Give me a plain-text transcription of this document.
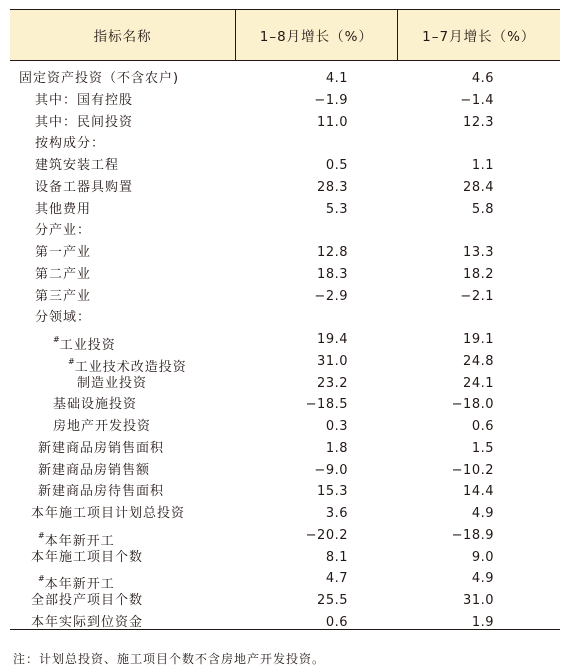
指标名称	1–8月增长（%）	1–7月增长（%）
固定资产投资（不含农户)	4.1	4.6
其中：国有控股	−1.9	−1.4
其中：民间投资	11.0	12.3
按构成分：
建筑安装工程	0.5	1.1
设备工器具购置	28.3	28.4
其他费用	5.3	5.8
分产业：
第一产业	12.8	13.3
第二产业	18.3	18.2
第三产业	−2.9	−2.1
分领域：
#工业投资	19.4	19.1
#工业技术改造投资	31.0	24.8
制造业投资	23.2	24.1
基础设施投资	−18.5	−18.0
房地产开发投资	0.3	0.6
新建商品房销售面积	1.8	1.5
新建商品房销售额	−9.0	−10.2
新建商品房待售面积	15.3	14.4
本年施工项目计划总投资	3.6	4.9
#本年新开工	−20.2	−18.9
本年施工项目个数	8.1	9.0
#本年新开工	4.7	4.9
全部投产项目个数	25.5	31.0
本年实际到位资金	0.6	1.9
注：计划总投资、施工项目个数不含房地产开发投资。
